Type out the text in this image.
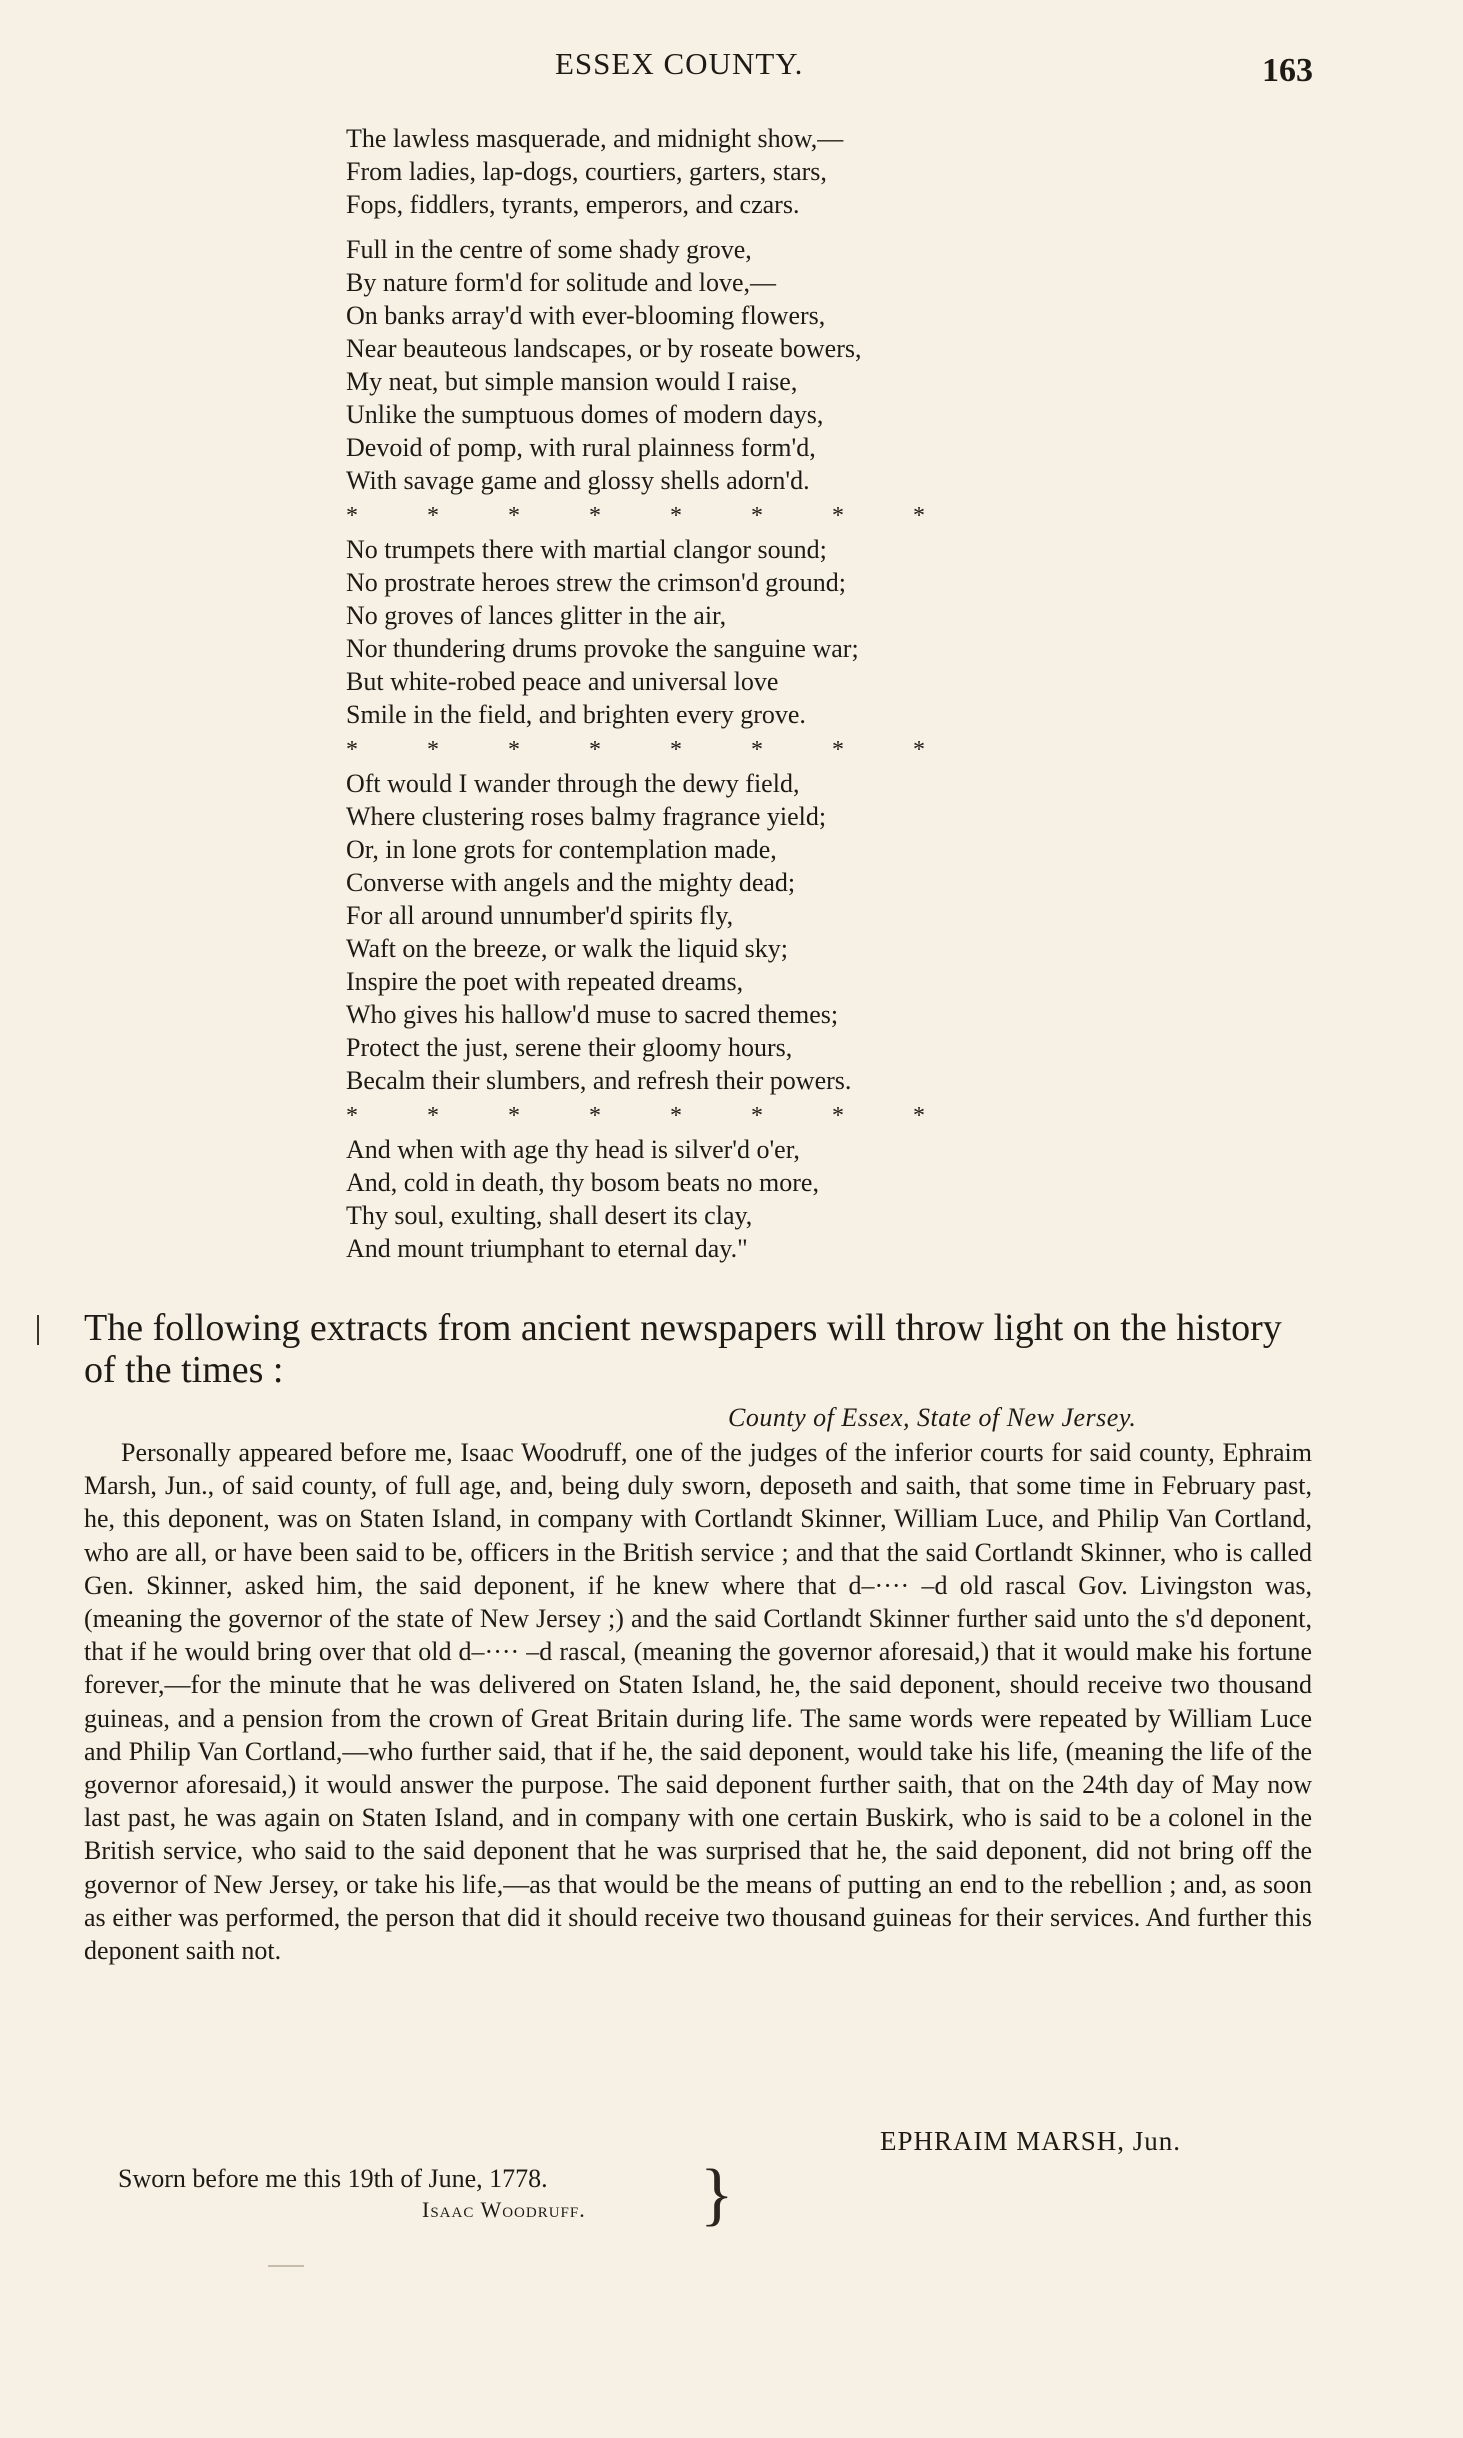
ESSEX COUNTY.	163
The lawless masquerade, and midnight show,—
From ladies, lap-dogs, courtiers, garters, stars,
Fops, fiddlers, tyrants, emperors, and czars.
Full in the centre of some shady grove,
By nature form'd for solitude and love,—
On banks array'd with ever-blooming flowers,
Near beauteous landscapes, or by roseate bowers,
My neat, but simple mansion would I raise,
Unlike the sumptuous domes of modern days,
Devoid of pomp, with rural plainness form'd,
With savage game and glossy shells adorn'd.
*	*	*	*	*	*	*	*
No trumpets there with martial clangor sound;
No prostrate heroes strew the crimson'd ground;
No groves of lances glitter in the air,
Nor thundering drums provoke the sanguine war;
But white-robed peace and universal love
Smile in the field, and brighten every grove.
*	*	*	*	*	*	*	*
Oft would I wander through the dewy field,
Where clustering roses balmy fragrance yield;
Or, in lone grots for contemplation made,
Converse with angels and the mighty dead;
For all around unnumber'd spirits fly,
Waft on the breeze, or walk the liquid sky;
Inspire the poet with repeated dreams,
Who gives his hallow'd muse to sacred themes;
Protect the just, serene their gloomy hours,
Becalm their slumbers, and refresh their powers.
*	*	*	*	*	*	*	*
And when with age thy head is silver'd o'er,
And, cold in death, thy bosom beats no more,
Thy soul, exulting, shall desert its clay,
And mount triumphant to eternal day."
The following extracts from ancient newspapers will throw light on the history of the times :
County of Essex, State of New Jersey.

Personally appeared before me, Isaac Woodruff, one of the judges of the inferior courts for said county, Ephraim Marsh, Jun., of said county, of full age, and, being duly sworn, deposeth and saith, that some time in February past, he, this deponent, was on Staten Island, in company with Cortlandt Skinner, William Luce, and Philip Van Cortland, who are all, or have been said to be, officers in the British service ; and that the said Cortlandt Skinner, who is called Gen. Skinner, asked him, the said deponent, if he knew where that d–···· –d old rascal Gov. Livingston was, (meaning the governor of the state of New Jersey ;) and the said Cortlandt Skinner further said unto the s'd deponent, that if he would bring over that old d–···· –d rascal, (meaning the governor aforesaid,) that it would make his fortune forever,—for the minute that he was delivered on Staten Island, he, the said deponent, should receive two thousand guineas, and a pension from the crown of Great Britain during life. The same words were repeated by William Luce and Philip Van Cortland,—who further said, that if he, the said deponent, would take his life, (meaning the life of the governor aforesaid,) it would answer the purpose. The said deponent further saith, that on the 24th day of May now last past, he was again on Staten Island, and in company with one certain Buskirk, who is said to be a colonel in the British service, who said to the said deponent that he was surprised that he, the said deponent, did not bring off the governor of New Jersey, or take his life,—as that would be the means of putting an end to the rebellion ; and, as soon as either was performed, the person that did it should receive two thousand guineas for their services. And further this deponent saith not.

EPHRAIM MARSH, Jun.
Sworn before me this 19th of June, 1778. }
Isaac Woodruff.
